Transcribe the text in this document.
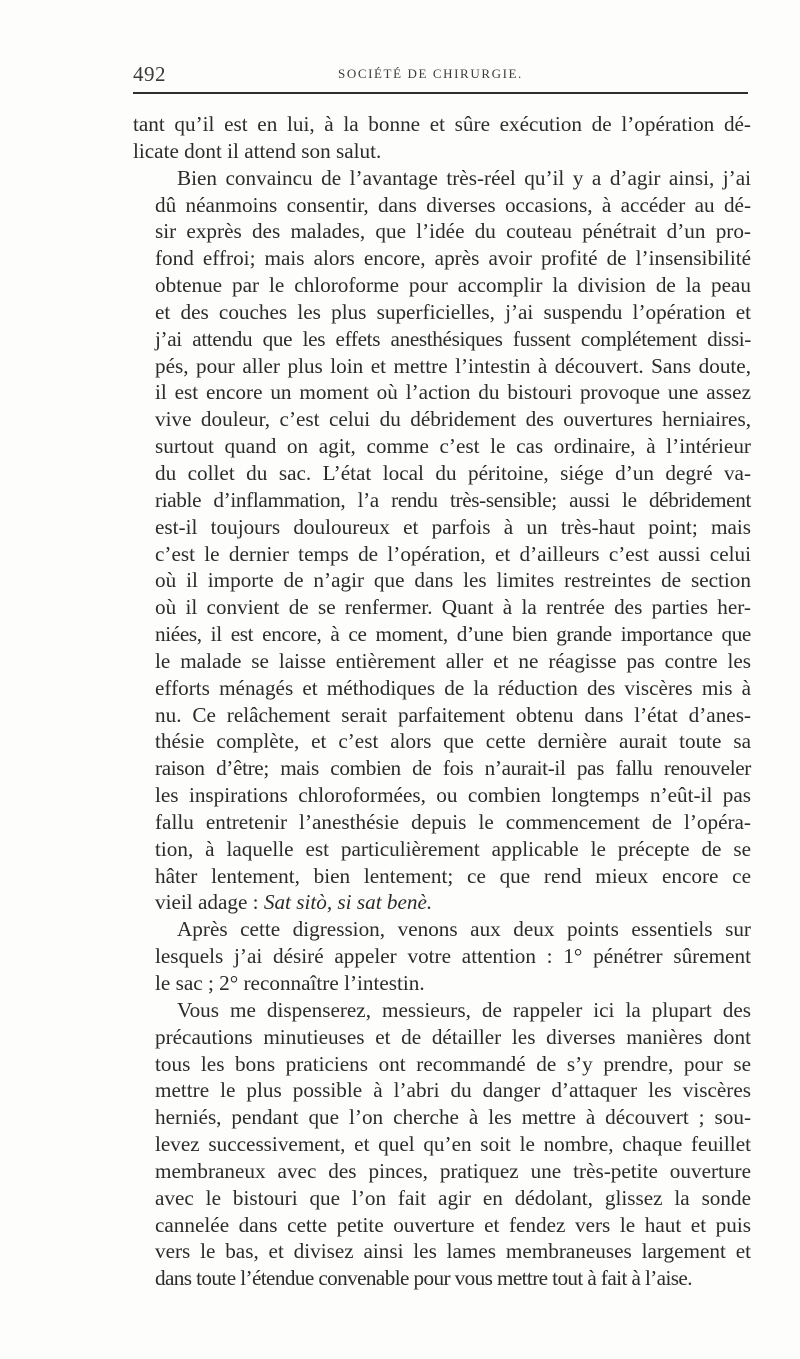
492	SOCIÉTÉ DE CHIRURGIE.
tant qu’il est en lui, à la bonne et sûre exécution de l’opération dé-
licate dont il attend son salut.
Bien convaincu de l’avantage très-réel qu’il y a d’agir ainsi, j’ai
dû néanmoins consentir, dans diverses occasions, à accéder au dé-
sir exprès des malades, que l’idée du couteau pénétrait d’un pro-
fond effroi; mais alors encore, après avoir profité de l’insensibilité
obtenue par le chloroforme pour accomplir la division de la peau
et des couches les plus superficielles, j’ai suspendu l’opération et
j’ai attendu que les effets anesthésiques fussent complétement dissi-
pés, pour aller plus loin et mettre l’intestin à découvert. Sans doute,
il est encore un moment où l’action du bistouri provoque une assez
vive douleur, c’est celui du débridement des ouvertures herniaires,
surtout quand on agit, comme c’est le cas ordinaire, à l’intérieur
du collet du sac. L’état local du péritoine, siége d’un degré va-
riable d’inflammation, l’a rendu très-sensible; aussi le débridement
est-il toujours douloureux et parfois à un très-haut point; mais
c’est le dernier temps de l’opération, et d’ailleurs c’est aussi celui
où il importe de n’agir que dans les limites restreintes de section
où il convient de se renfermer. Quant à la rentrée des parties her-
niées, il est encore, à ce moment, d’une bien grande importance que
le malade se laisse entièrement aller et ne réagisse pas contre les
efforts ménagés et méthodiques de la réduction des viscères mis à
nu. Ce relâchement serait parfaitement obtenu dans l’état d’anes-
thésie complète, et c’est alors que cette dernière aurait toute sa
raison d’être; mais combien de fois n’aurait-il pas fallu renouveler
les inspirations chloroformées, ou combien longtemps n’eût-il pas
fallu entretenir l’anesthésie depuis le commencement de l’opéra-
tion, à laquelle est particulièrement applicable le précepte de se
hâter lentement, bien lentement; ce que rend mieux encore ce
vieil adage : Sat sitò, si sat benè.
Après cette digression, venons aux deux points essentiels sur
lesquels j’ai désiré appeler votre attention : 1° pénétrer sûrement
le sac ; 2° reconnaître l’intestin.
Vous me dispenserez, messieurs, de rappeler ici la plupart des
précautions minutieuses et de détailler les diverses manières dont
tous les bons praticiens ont recommandé de s’y prendre, pour se
mettre le plus possible à l’abri du danger d’attaquer les viscères
herniés, pendant que l’on cherche à les mettre à découvert ; sou-
levez successivement, et quel qu’en soit le nombre, chaque feuillet
membraneux avec des pinces, pratiquez une très-petite ouverture
avec le bistouri que l’on fait agir en dédolant, glissez la sonde
cannelée dans cette petite ouverture et fendez vers le haut et puis
vers le bas, et divisez ainsi les lames membraneuses largement et
dans toute l’étendue convenable pour vous mettre tout à fait à l’aise.
